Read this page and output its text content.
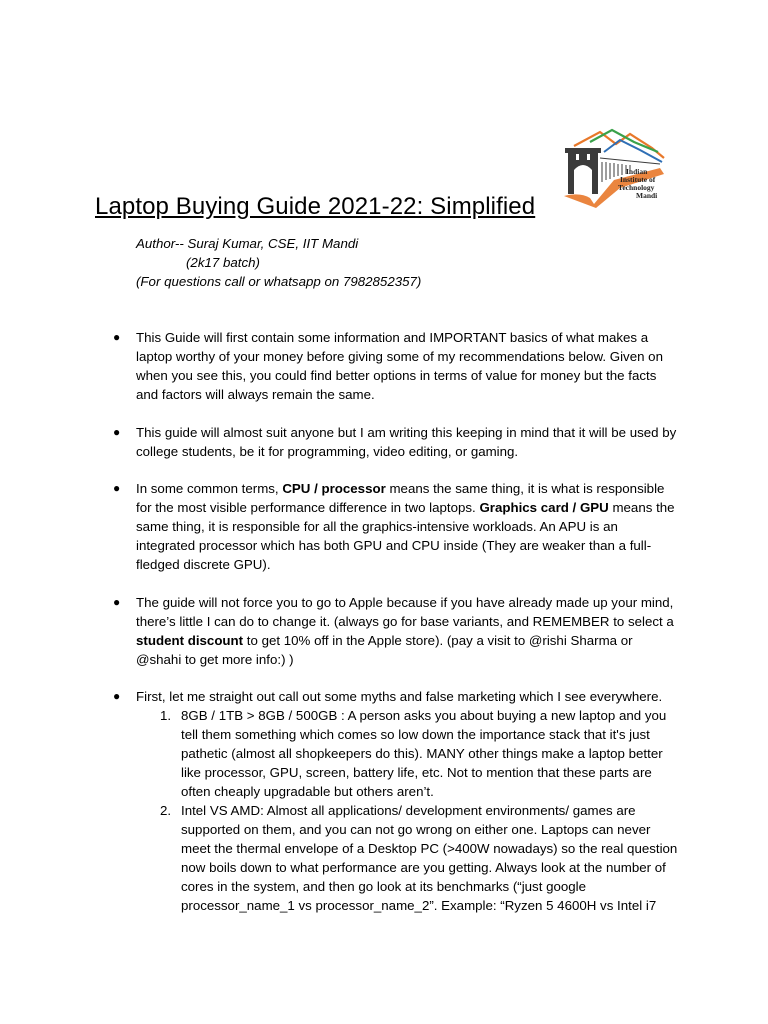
Indian
Institute of
Technology
Mandi
Laptop Buying Guide 2021-22: Simplified
Author-- Suraj Kumar, CSE, IIT Mandi
(2k17 batch)
(For questions call or whatsapp on 7982852357)
● This Guide will first contain some information and IMPORTANT basics of what makes a laptop worthy of your money before giving some of my recommendations below. Given on when you see this, you could find better options in terms of value for money but the facts and factors will always remain the same.
● This guide will almost suit anyone but I am writing this keeping in mind that it will be used by college students, be it for programming, video editing, or gaming.
● In some common terms, CPU / processor means the same thing, it is what is responsible for the most visible performance difference in two laptops. Graphics card / GPU means the same thing, it is responsible for all the graphics-intensive workloads. An APU is an integrated processor which has both GPU and CPU inside (They are weaker than a full-fledged discrete GPU).
● The guide will not force you to go to Apple because if you have already made up your mind, there’s little I can do to change it. (always go for base variants, and REMEMBER to select a student discount to get 10% off in the Apple store). (pay a visit to @rishi Sharma or @shahi to get more info:) )
● First, let me straight out call out some myths and false marketing which I see everywhere.
1. 8GB / 1TB > 8GB / 500GB : A person asks you about buying a new laptop and you tell them something which comes so low down the importance stack that it's just pathetic (almost all shopkeepers do this). MANY other things make a laptop better like processor, GPU, screen, battery life, etc. Not to mention that these parts are often cheaply upgradable but others aren’t.
2. Intel VS AMD: Almost all applications/ development environments/ games are supported on them, and you can not go wrong on either one. Laptops can never meet the thermal envelope of a Desktop PC (>400W nowadays) so the real question now boils down to what performance are you getting. Always look at the number of cores in the system, and then go look at its benchmarks (“just google processor_name_1 vs processor_name_2”. Example: “Ryzen 5 4600H vs Intel i7
